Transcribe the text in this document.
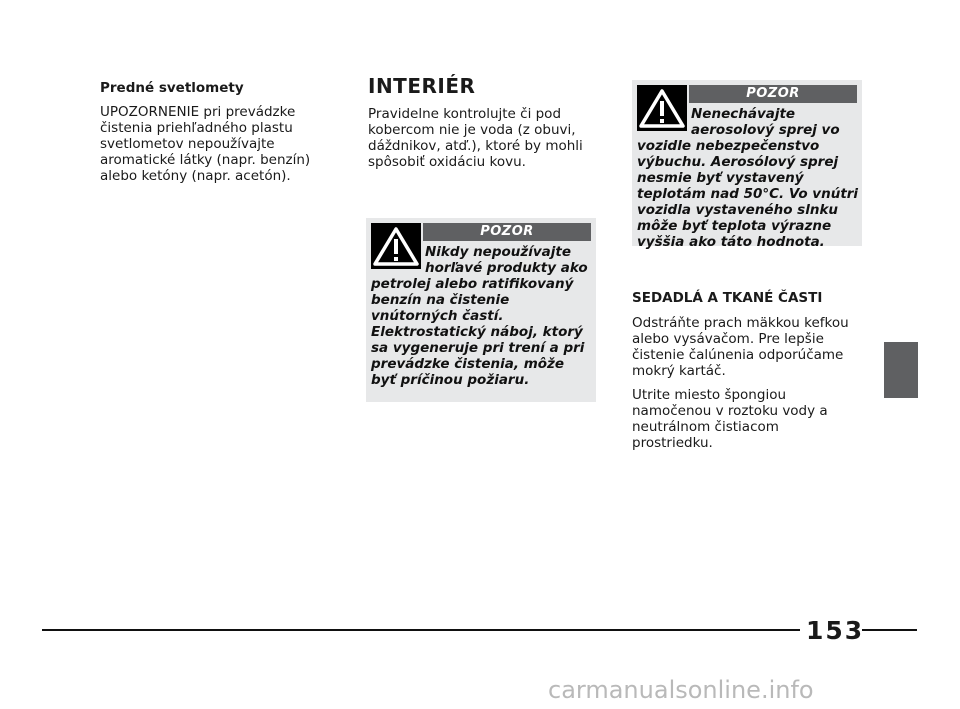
Predné svetlomety

UPOZORNENIE pri prevádzke čistenia priehľadného plastu svetlometov nepoužívajte aromatické látky (napr. benzín) alebo ketóny (napr. acetón).

INTERIÉR

Pravidelne kontrolujte či pod kobercom nie je voda (z obuvi, dáždnikov, atď.), ktoré by mohli spôsobiť oxidáciu kovu.

POZOR
Nikdy nepoužívajte horľavé produkty ako
petrolej alebo ratifikovaný benzín na čistenie vnútorných častí. Elektrostatický náboj, ktorý sa vygeneruje pri trení a pri prevádzke čistenia, môže byť príčinou požiaru.
POZOR
Nenechávajte aerosolový sprej vo
vozidle nebezpečenstvo výbuchu. Aerosólový sprej nesmie byť vystavený teplotám nad 50°C. Vo vnútri vozidla vystaveného slnku môže byť teplota výrazne vyššia ako táto hodnota.

SEDADLÁ A TKANÉ ČASTI

Odstráňte prach mäkkou kefkou alebo vysávačom. Pre lepšie čistenie čalúnenia odporúčame mokrý kartáč.

Utrite miesto špongiou namočenou v roztoku vody a neutrálnom čistiacom prostriedku.

153
carmanualsonline.info
